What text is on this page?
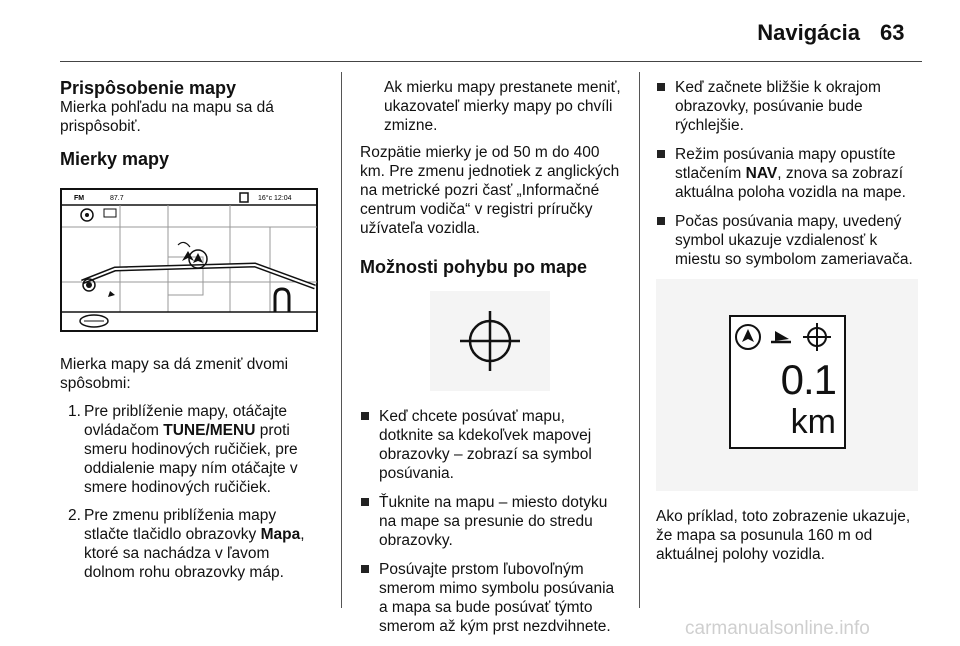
Navigácia 63

Prispôsobenie mapy

Mierka pohľadu na mapu sa dá prispôsobiť.

Mierky mapy

FM	87.7	16°c 12:04

Mierka mapy sa dá zmeniť dvomi spôsobmi:

1. Pre priblíženie mapy, otáčajte ovládačom TUNE/MENU proti smeru hodinových ručičiek, pre oddialenie mapy ním otáčajte v smere hodinových ručičiek.
2. Pre zmenu priblíženia mapy stlačte tlačidlo obrazovky Mapa, ktoré sa nachádza v ľavom dolnom rohu obrazovky máp.

Ak mierku mapy prestanete meniť, ukazovateľ mierky mapy po chvíli zmizne.

Rozpätie mierky je od 50 m do 400 km. Pre zmenu jednotiek z anglických na metrické pozri časť „Informačné centrum vodiča“ v registri príručky užívateľa vozidla.

Možnosti pohybu po mape

Keď chcete posúvať mapu, dotknite sa kdekoľvek mapovej obrazovky – zobrazí sa symbol posúvania.
Ťuknite na mapu – miesto dotyku na mape sa presunie do stredu obrazovky.
Posúvajte prstom ľubovoľným smerom mimo symbolu posúvania a mapa sa bude posúvať týmto smerom až kým prst nezdvihnete.
Keď začnete bližšie k okrajom obrazovky, posúvanie bude rýchlejšie.
Režim posúvania mapy opustíte stlačením NAV, znova sa zobrazí aktuálna poloha vozidla na mape.
Počas posúvania mapy, uvedený symbol ukazuje vzdialenosť k miestu so symbolom zameriavača.
0.1
km

Ako príklad, toto zobrazenie ukazuje, že mapa sa posunula 160 m od aktuálnej polohy vozidla.

carmanualsonline.info
